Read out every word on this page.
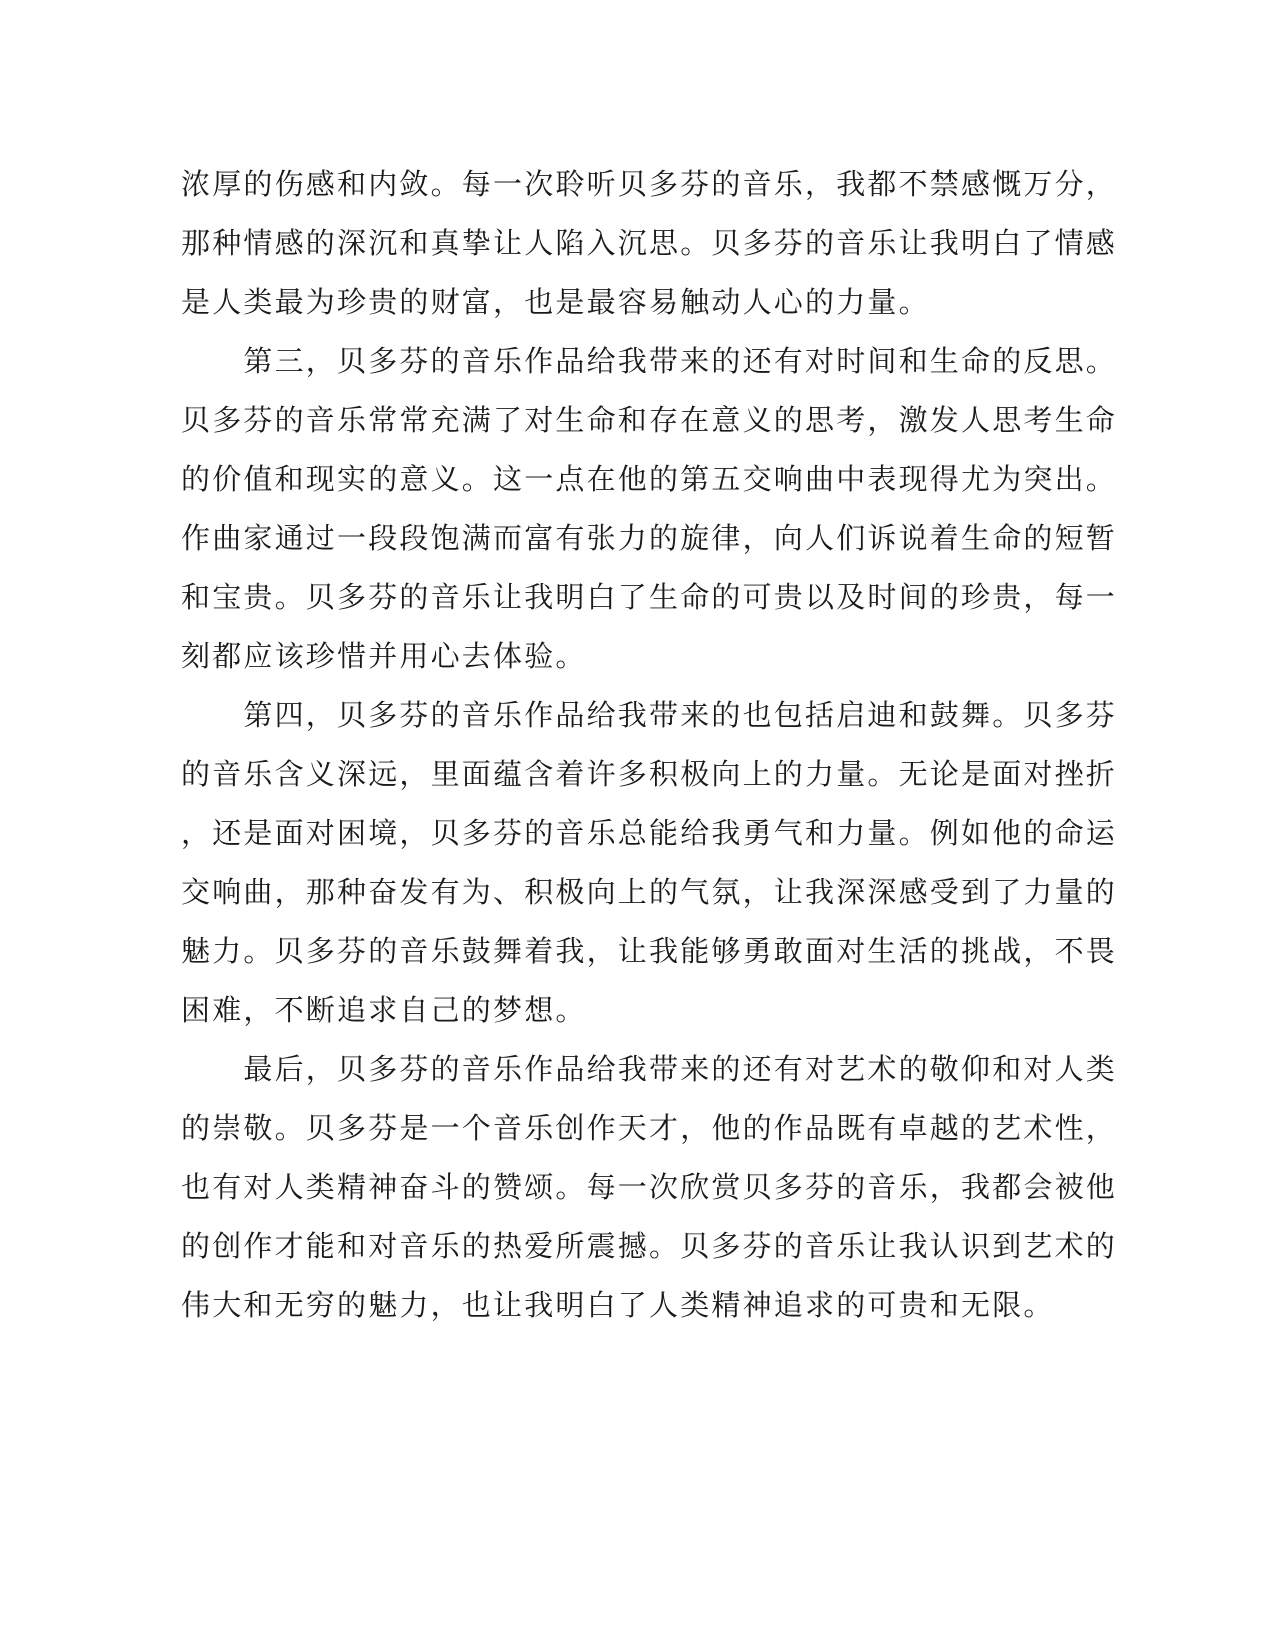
浓厚的伤感和内敛。每一次聆听贝多芬的音乐，我都不禁感慨万分，
那种情感的深沉和真挚让人陷入沉思。贝多芬的音乐让我明白了情感
是人类最为珍贵的财富，也是最容易触动人心的力量。
　　第三，贝多芬的音乐作品给我带来的还有对时间和生命的反思。
贝多芬的音乐常常充满了对生命和存在意义的思考，激发人思考生命
的价值和现实的意义。这一点在他的第五交响曲中表现得尤为突出。
作曲家通过一段段饱满而富有张力的旋律，向人们诉说着生命的短暂
和宝贵。贝多芬的音乐让我明白了生命的可贵以及时间的珍贵，每一
刻都应该珍惜并用心去体验。
　　第四，贝多芬的音乐作品给我带来的也包括启迪和鼓舞。贝多芬
的音乐含义深远，里面蕴含着许多积极向上的力量。无论是面对挫折
，还是面对困境，贝多芬的音乐总能给我勇气和力量。例如他的命运
交响曲，那种奋发有为、积极向上的气氛，让我深深感受到了力量的
魅力。贝多芬的音乐鼓舞着我，让我能够勇敢面对生活的挑战，不畏
困难，不断追求自己的梦想。
　　最后，贝多芬的音乐作品给我带来的还有对艺术的敬仰和对人类
的崇敬。贝多芬是一个音乐创作天才，他的作品既有卓越的艺术性，
也有对人类精神奋斗的赞颂。每一次欣赏贝多芬的音乐，我都会被他
的创作才能和对音乐的热爱所震撼。贝多芬的音乐让我认识到艺术的
伟大和无穷的魅力，也让我明白了人类精神追求的可贵和无限。
